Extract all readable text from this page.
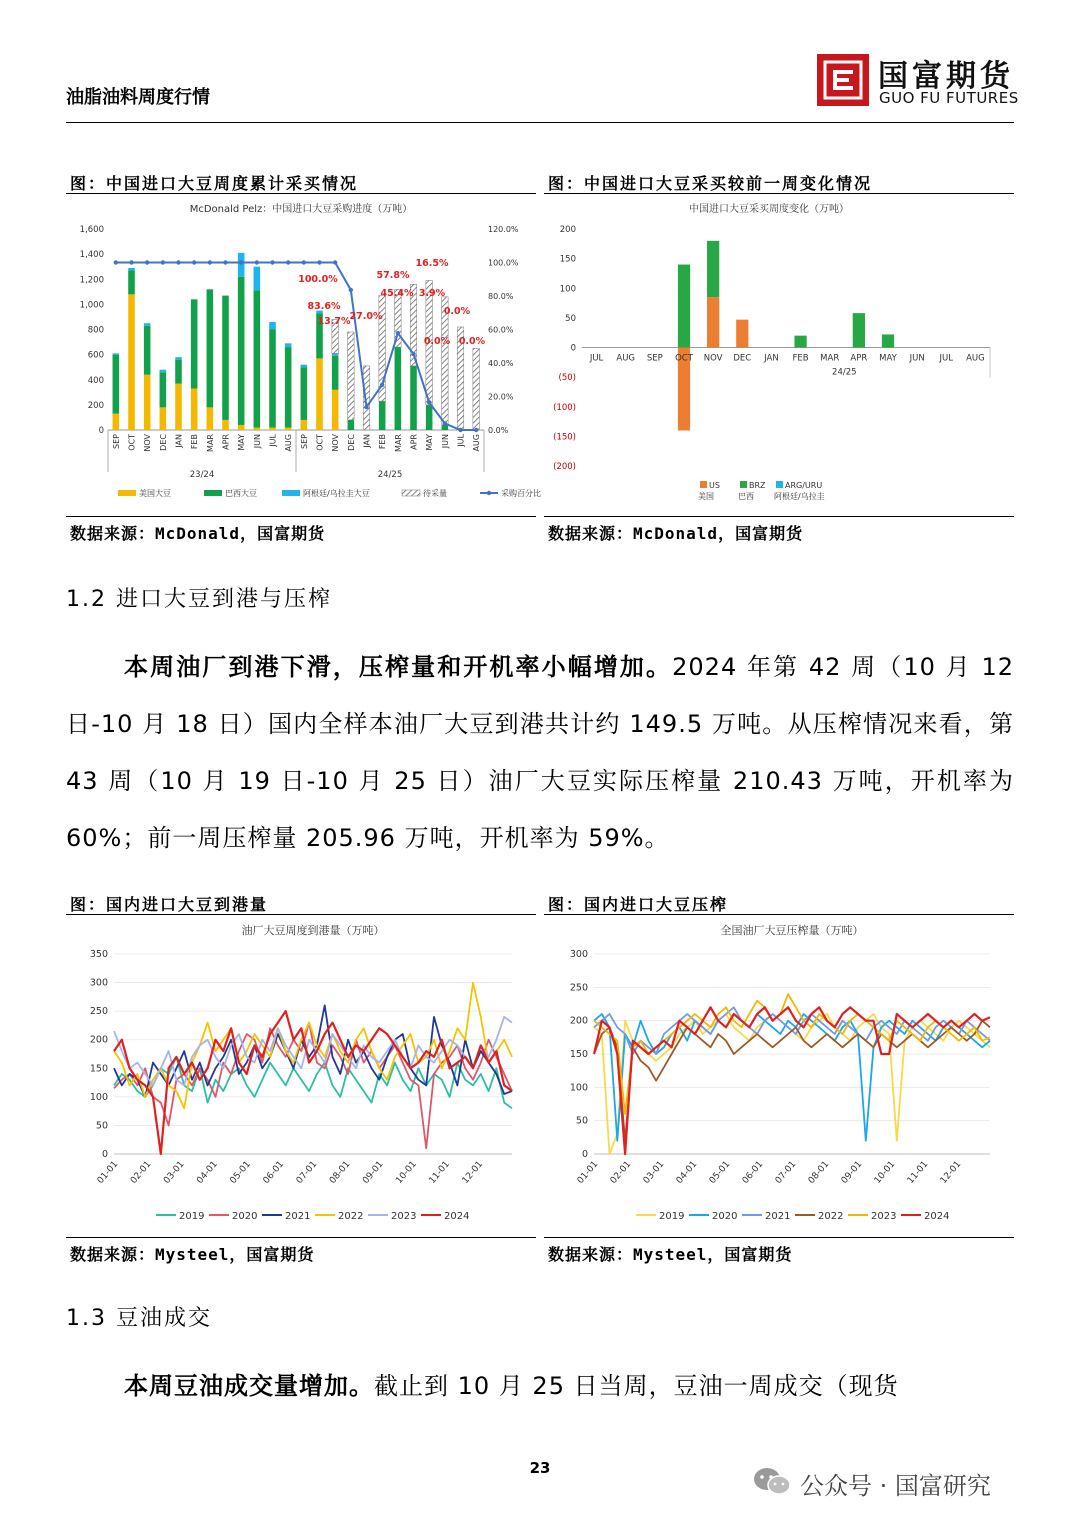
油脂油料周度行情
国富期货
GUO FU FUTURES
图：中国进口大豆周度累计采买情况	图：中国进口大豆采买较前一周变化情况
McDonald Pelz：中国进口大豆采购进度（万吨）
0
200
400
600
800
1,000
1,200
1,400
1,600
0.0%
20.0%
40.0%
60.0%
80.0%
100.0%
120.0%
SEP OCT NOV DEC JAN FEB MAR APR MAY JUN JUL AUG SEP OCT NOV DEC JAN FEB MAR APR MAY JUN JUL AUG
23/24	24/25
100.0%
83.6%
13.7% 27.0%
57.8%
45.4%
16.5%
3.9%
0.0%
0.0% 0.0%
美国大豆	巴西大豆	阿根廷/乌拉圭大豆	待采量	采购百分比
中国进口大豆采买周度变化（万吨）
(200)
(150)
(100)
(50)
0
50
100
150
200
JUL AUG SEP OCT NOV DEC JAN FEB MAR APR MAY JUN JUL AUG
24/25
US
美国
BRZ
巴西
ARG/URU
阿根廷/乌拉圭
数据来源：McDonald，国富期货	数据来源：McDonald，国富期货
1.2 进口大豆到港与压榨
本周油厂到港下滑，压榨量和开机率小幅增加。2024 年第 42 周（10 月 12 日-10 月 18 日）国内全样本油厂大豆到港共计约 149.5 万吨。从压榨情况来看，第 43 周（10 月 19 日-10 月 25 日）油厂大豆实际压榨量 210.43 万吨，开机率为 60%；前一周压榨量 205.96 万吨，开机率为 59%。
图：国内进口大豆到港量	图：国内进口大豆压榨
油厂大豆周度到港量（万吨）
0
50
100
150
200
250
300
350
01-01 02-01 03-01 04-01 05-01 06-01 07-01 08-01 09-01 10-01 11-01 12-01
2019	2020	2021	2022	2023	2024
全国油厂大豆压榨量（万吨）
0
50
100
150
200
250
300
01-01 02-01 03-01 04-01 05-01 06-01 07-01 08-01 09-01 10-01 11-01 12-01
2019	2020	2021	2022	2023	2024
数据来源：Mysteel，国富期货	数据来源：Mysteel，国富期货
1.3 豆油成交
本周豆油成交量增加。截止到 10 月 25 日当周，豆油一周成交（现货
23
公众号 · 国富研究
